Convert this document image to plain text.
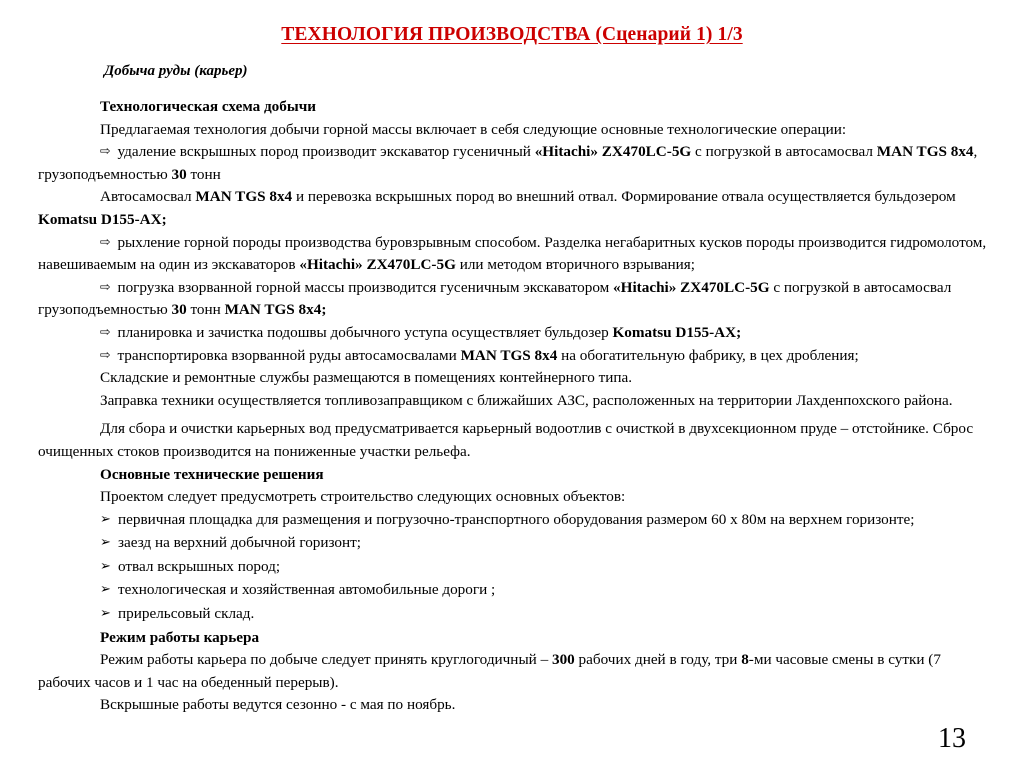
ТЕХНОЛОГИЯ ПРОИЗВОДСТВА (Сценарий 1) 1/3
Добыча руды (карьер)

Технологическая схема добычи

Предлагаемая технология добычи горной массы включает в себя следующие основные технологические операции:

⇨ удаление вскрышных пород производит экскаватор гусеничный «Hitachi» ZX470LC-5G с погрузкой в автосамосвал MAN TGS 8x4, грузоподъемностью 30 тонн

Автосамосвал MAN TGS 8x4 и перевозка вскрышных пород во внешний отвал. Формирование отвала осуществляется бульдозером Komatsu D155-AX;

⇨ рыхление горной породы производства буровзрывным способом. Разделка негабаритных кусков породы производится гидромолотом, навешиваемым на один из экскаваторов «Hitachi» ZX470LC-5G или методом вторичного взрывания;

⇨ погрузка взорванной горной массы производится гусеничным экскаватором «Hitachi» ZX470LC-5G с погрузкой в автосамосвал грузоподъемностью 30 тонн MAN TGS 8x4;

⇨ планировка и зачистка подошвы добычного уступа осуществляет бульдозер Komatsu D155-AX;

⇨ транспортировка взорванной руды автосамосвалами MAN TGS 8x4 на обогатительную фабрику, в цех дробления;

Складские и ремонтные службы размещаются в помещениях контейнерного типа.

Заправка техники осуществляется топливозаправщиком с ближайших АЗС, расположенных на территории Лахденпохского района.

Для сбора и очистки карьерных вод предусматривается карьерный водоотлив с очисткой в двухсекционном пруде – отстойнике. Сброс очищенных стоков производится на пониженные участки рельефа.

Основные технические решения

Проектом следует предусмотреть строительство следующих основных объектов:

➢ первичная площадка для размещения и погрузочно-транспортного оборудования размером 60 х 80м на верхнем горизонте;

➢ заезд на верхний добычной горизонт;

➢ отвал вскрышных пород;

➢ технологическая и хозяйственная автомобильные дороги ;

➢ прирельсовый склад.

Режим работы карьера

Режим работы карьера по добыче следует принять круглогодичный – 300 рабочих дней в году, три 8-ми часовые смены в сутки (7 рабочих часов и 1 час на обеденный перерыв).

Вскрышные работы ведутся сезонно - с мая по ноябрь.

13
